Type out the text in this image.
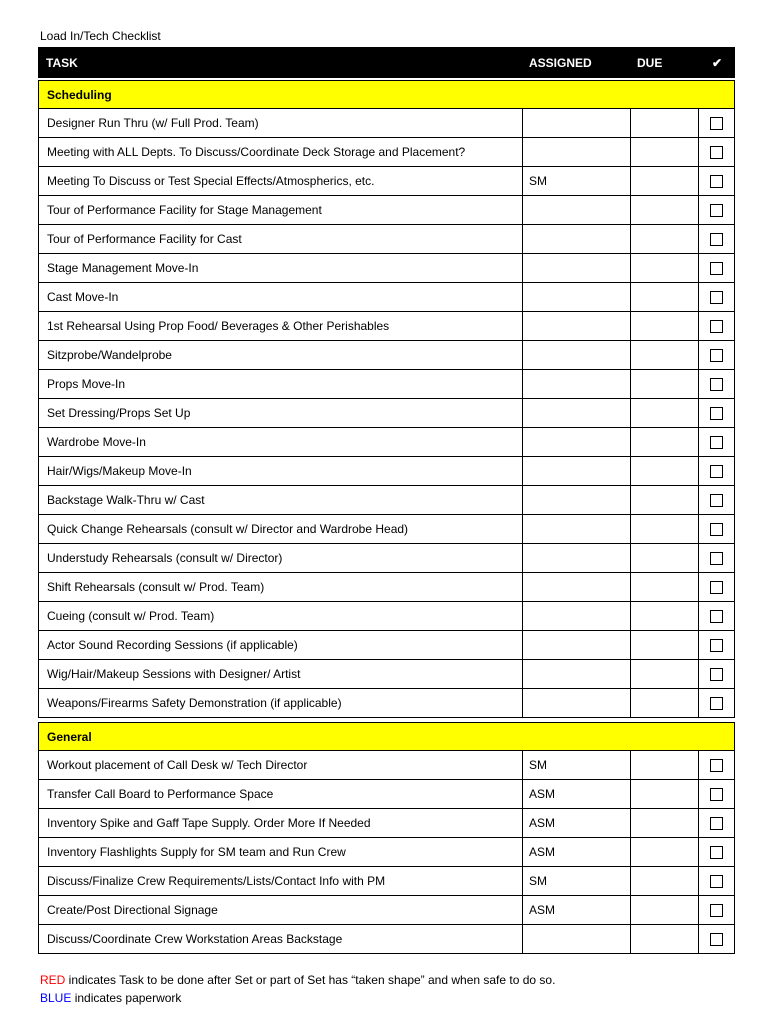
Load In/Tech Checklist
TASK	ASSIGNED	DUE	✔
Scheduling
Designer Run Thru (w/ Full Prod. Team)
Meeting with ALL Depts. To Discuss/Coordinate Deck Storage and Placement?
Meeting To Discuss or Test Special Effects/Atmospherics, etc.	SM
Tour of Performance Facility for Stage Management
Tour of Performance Facility for Cast
Stage Management Move-In
Cast Move-In
1st Rehearsal Using Prop Food/ Beverages & Other Perishables
Sitzprobe/Wandelprobe
Props Move-In
Set Dressing/Props Set Up
Wardrobe Move-In
Hair/Wigs/Makeup Move-In
Backstage Walk-Thru w/ Cast
Quick Change Rehearsals (consult w/ Director and Wardrobe Head)
Understudy Rehearsals (consult w/ Director)
Shift Rehearsals (consult w/ Prod. Team)
Cueing (consult w/ Prod. Team)
Actor Sound Recording Sessions (if applicable)
Wig/Hair/Makeup Sessions with Designer/ Artist
Weapons/Firearms Safety Demonstration (if applicable)
General
Workout placement of Call Desk w/ Tech Director	SM
Transfer Call Board to Performance Space	ASM
Inventory Spike and Gaff Tape Supply. Order More If Needed	ASM
Inventory Flashlights Supply for SM team and Run Crew	ASM
Discuss/Finalize Crew Requirements/Lists/Contact Info with PM	SM
Create/Post Directional Signage	ASM
Discuss/Coordinate Crew Workstation Areas Backstage
RED indicates Task to be done after Set or part of Set has “taken shape” and when safe to do so.
BLUE indicates paperwork
